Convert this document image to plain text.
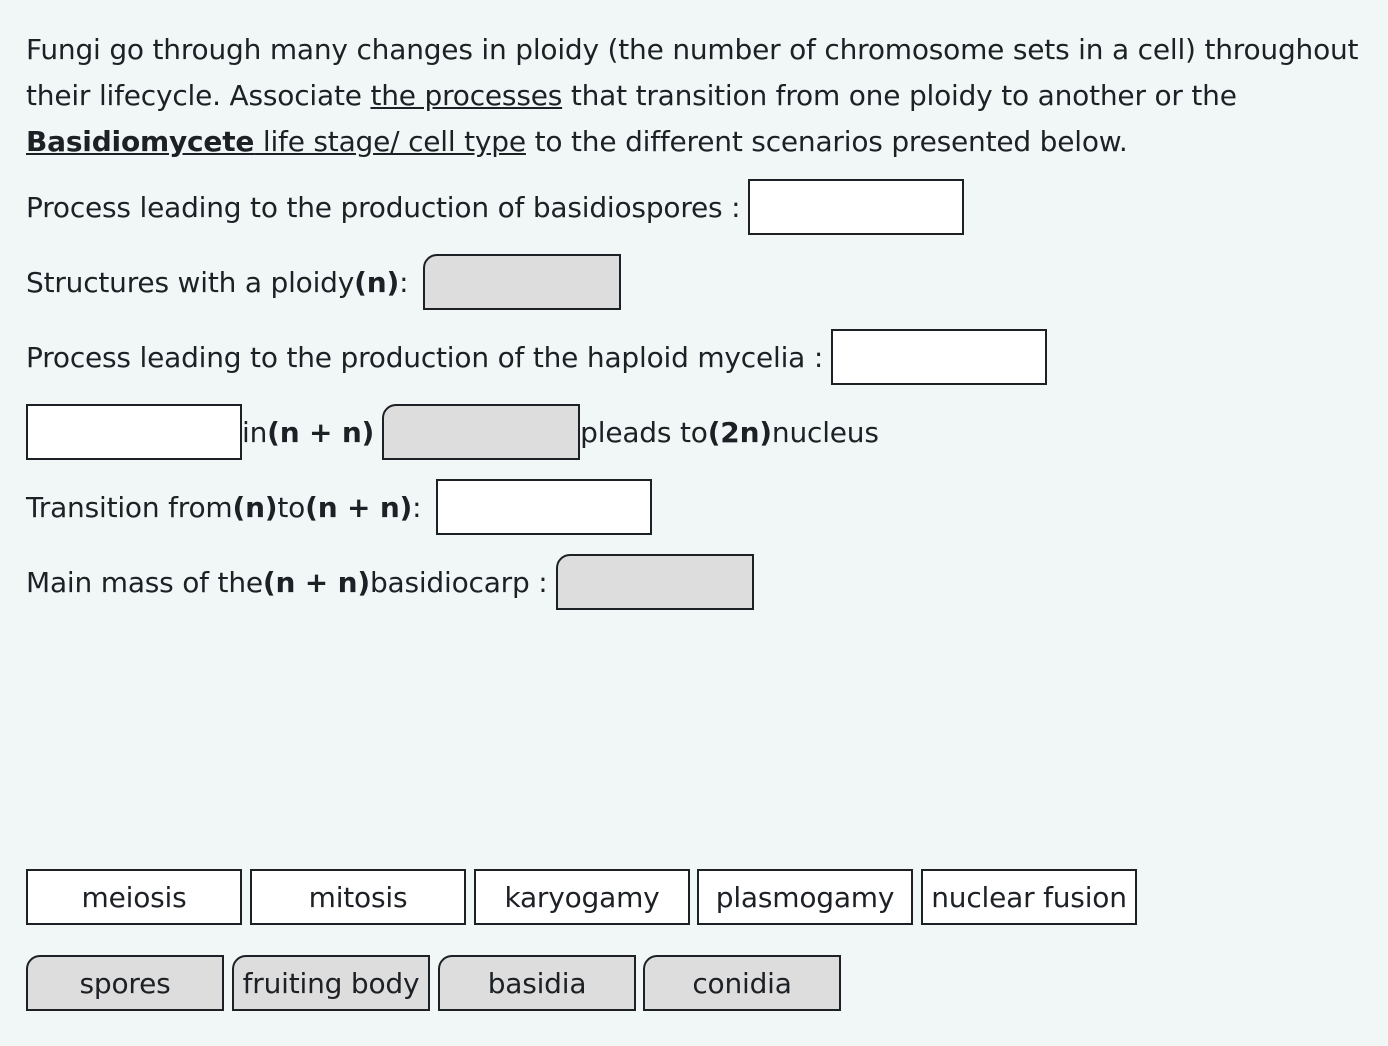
Fungi go through many changes in ploidy (the number of chromosome sets in a cell) throughout their lifecycle. Associate the processes that transition from one ploidy to another or the Basidiomycete life stage/ cell type to the different scenarios presented below.

Process leading to the production of basidiospores :
Structures with a ploidy (n) :
Process leading to the production of the haploid mycelia :
in (n + n)	pleads to (2n) nucleus
Transition from (n) to (n + n) :
Main mass of the (n + n) basidiocarp :
meiosis	mitosis	karyogamy	plasmogamy	nuclear fusion
spores	fruiting body	basidia	conidia
